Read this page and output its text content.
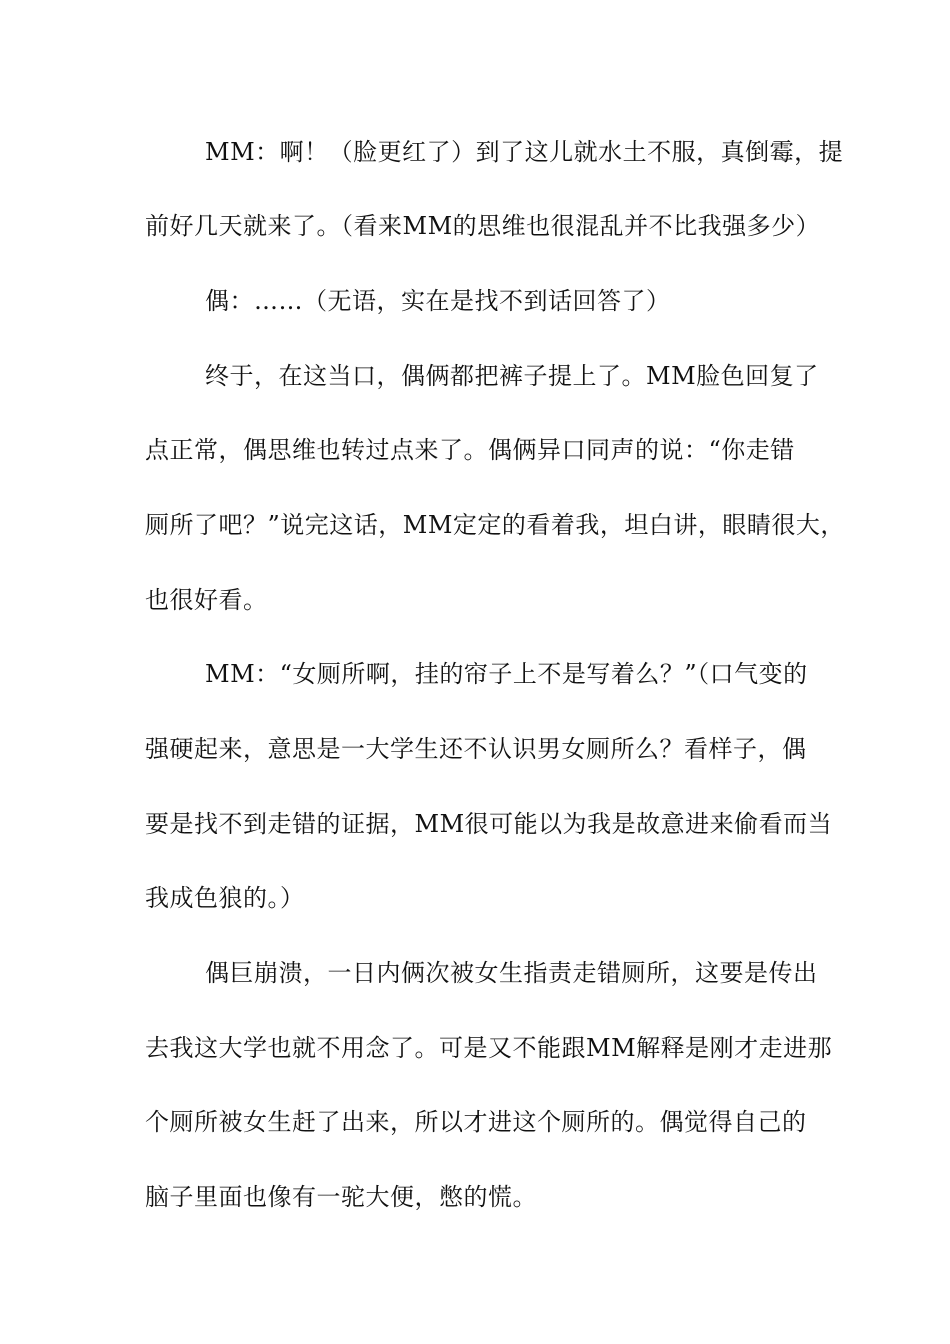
MM：啊！（脸更红了）到了这儿就水土不服，真倒霉，提
前好几天就来了。（看来MM的思维也很混乱并不比我强多少）
偶：……（无语，实在是找不到话回答了）
终于，在这当口，偶俩都把裤子提上了。MM脸色回复了
点正常，偶思维也转过点来了。偶俩异口同声的说：“你走错
厕所了吧？”说完这话，MM定定的看着我，坦白讲，眼睛很大，
也很好看。
MM：“女厕所啊，挂的帘子上不是写着么？”（口气变的
强硬起来，意思是一大学生还不认识男女厕所么？看样子，偶
要是找不到走错的证据，MM很可能以为我是故意进来偷看而当
我成色狼的。）
偶巨崩溃，一日内俩次被女生指责走错厕所，这要是传出
去我这大学也就不用念了。可是又不能跟MM解释是刚才走进那
个厕所被女生赶了出来，所以才进这个厕所的。偶觉得自己的
脑子里面也像有一驼大便，憋的慌。
